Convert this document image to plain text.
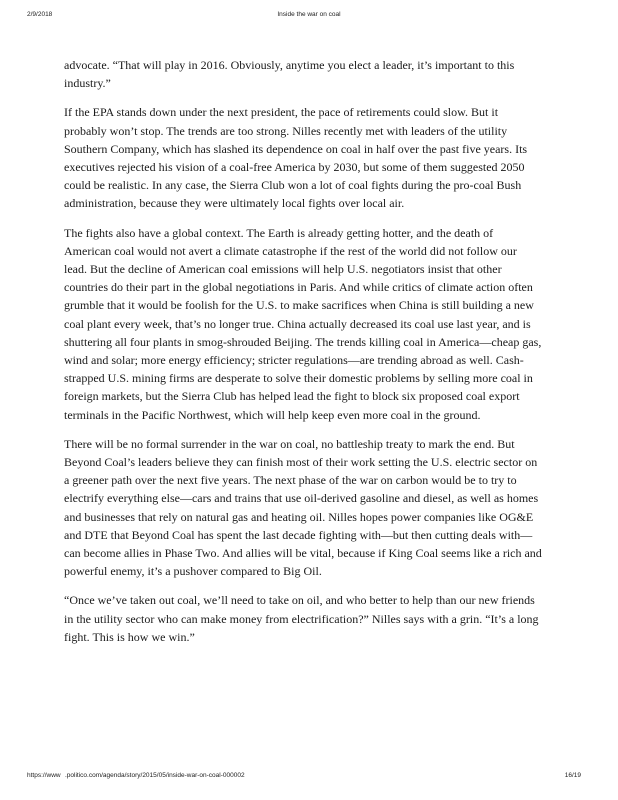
2/9/2018	Inside the war on coal

advocate. “That will play in 2016. Obviously, anytime you elect a leader, it’s important to this industry.”

If the EPA stands down under the next president, the pace of retirements could slow. But it probably won’t stop. The trends are too strong. Nilles recently met with leaders of the utility Southern Company, which has slashed its dependence on coal in half over the past five years. Its executives rejected his vision of a coal-free America by 2030, but some of them suggested 2050 could be realistic. In any case, the Sierra Club won a lot of coal fights during the pro-coal Bush administration, because they were ultimately local fights over local air.

The fights also have a global context. The Earth is already getting hotter, and the death of American coal would not avert a climate catastrophe if the rest of the world did not follow our lead. But the decline of American coal emissions will help U.S. negotiators insist that other countries do their part in the global negotiations in Paris. And while critics of climate action often grumble that it would be foolish for the U.S. to make sacrifices when China is still building a new coal plant every week, that’s no longer true. China actually decreased its coal use last year, and is shuttering all four plants in smog-shrouded Beijing. The trends killing coal in America—cheap gas, wind and solar; more energy efficiency; stricter regulations—are trending abroad as well. Cash-strapped U.S. mining firms are desperate to solve their domestic problems by selling more coal in foreign markets, but the Sierra Club has helped lead the fight to block six proposed coal export terminals in the Pacific Northwest, which will help keep even more coal in the ground.

There will be no formal surrender in the war on coal, no battleship treaty to mark the end. But Beyond Coal’s leaders believe they can finish most of their work setting the U.S. electric sector on a greener path over the next five years. The next phase of the war on carbon would be to try to electrify everything else—cars and trains that use oil-derived gasoline and diesel, as well as homes and businesses that rely on natural gas and heating oil. Nilles hopes power companies like OG&E and DTE that Beyond Coal has spent the last decade fighting with—but then cutting deals with—can become allies in Phase Two. And allies will be vital, because if King Coal seems like a rich and powerful enemy, it’s a pushover compared to Big Oil.

“Once we’ve taken out coal, we’ll need to take on oil, and who better to help than our new friends in the utility sector who can make money from electrification?” Nilles says with a grin. “It’s a long fight. This is how we win.”

https://www .politico.com/agenda/story/2015/05/inside-war-on-coal-000002	16/19
